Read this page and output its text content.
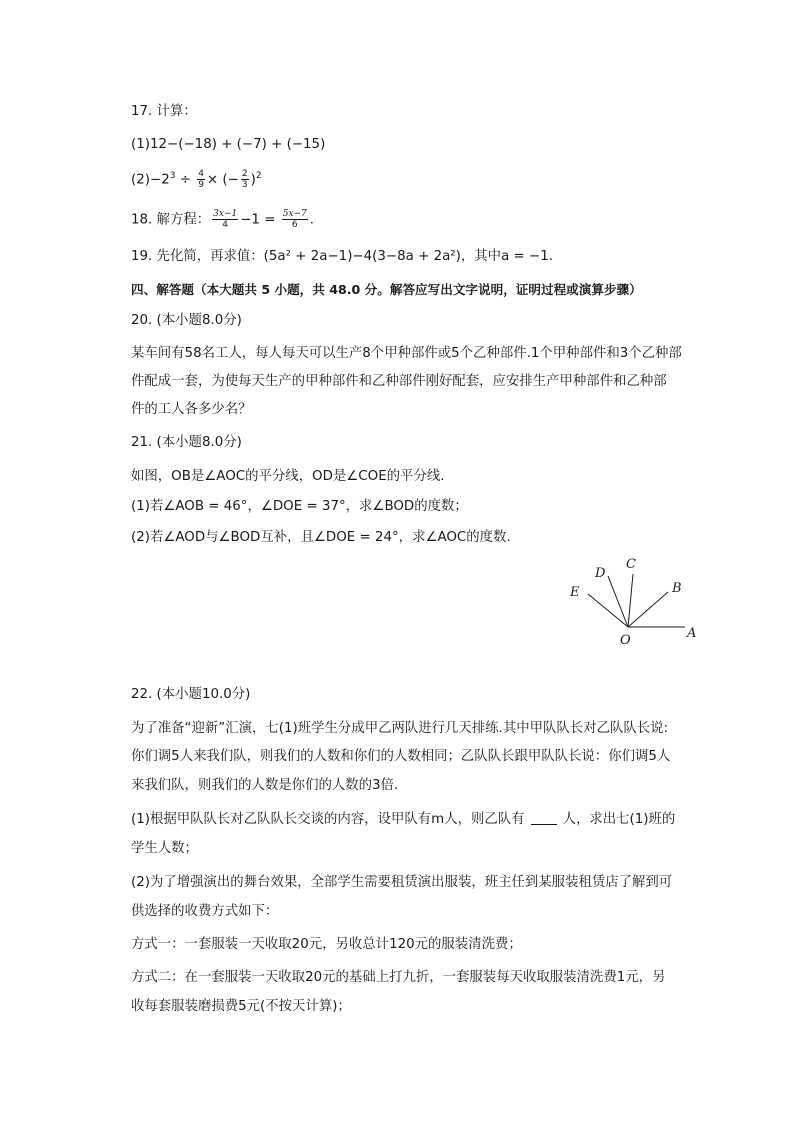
17. 计算：
(1)12−(−18) + (−7) + (−15)
$(2)-2^3 \div \frac{4}{9}$ × (− $\frac{2}{3} )^2$
18. 解方程： $\frac{3x-1}{4} -1 = \frac{5x-7}{6}$ .
19. 先化简，再求值：(5a² + 2a−1)−4(3−8a + 2a²)，其中a = −1.
四、解答题（本大题共 5 小题，共 48.0 分。解答应写出文字说明，证明过程或演算步骤）
20. (本小题8.0分)
某车间有58名工人，每人每天可以生产8个甲种部件或5个乙种部件.1个甲种部件和3个乙种部
件配成一套，为使每天生产的甲种部件和乙种部件刚好配套，应安排生产甲种部件和乙种部
件的工人各多少名？
21. (本小题8.0分)
如图，OB是∠AOC的平分线，OD是∠COE的平分线.
(1)若∠AOB = 46°，∠DOE = 37°，求∠BOD的度数；
(2)若∠AOD与∠BOD互补，且∠DOE = 24°，求∠AOC的度数.
D
C
E	B
O	A
22. (本小题10.0分)
为了准备“迎新”汇演，七(1)班学生分成甲乙两队进行几天排练.其中甲队队长对乙队队长说:
你们调5人来我们队，则我们的人数和你们的人数相同；乙队队长跟甲队队长说：你们调5人
来我们队，则我们的人数是你们的人数的3倍.
(1)根据甲队队长对乙队队长交谈的内容，设甲队有m人，则乙队有	人，求出七(1)班的
学生人数；
(2)为了增强演出的舞台效果，全部学生需要租赁演出服装，班主任到某服装租赁店了解到可
供选择的收费方式如下：
方式一：一套服装一天收取20元，另收总计120元的服装清洗费；
方式二：在一套服装一天收取20元的基础上打九折，一套服装每天收取服装清洗费1元，另
收每套服装磨损费5元(不按天计算)；
